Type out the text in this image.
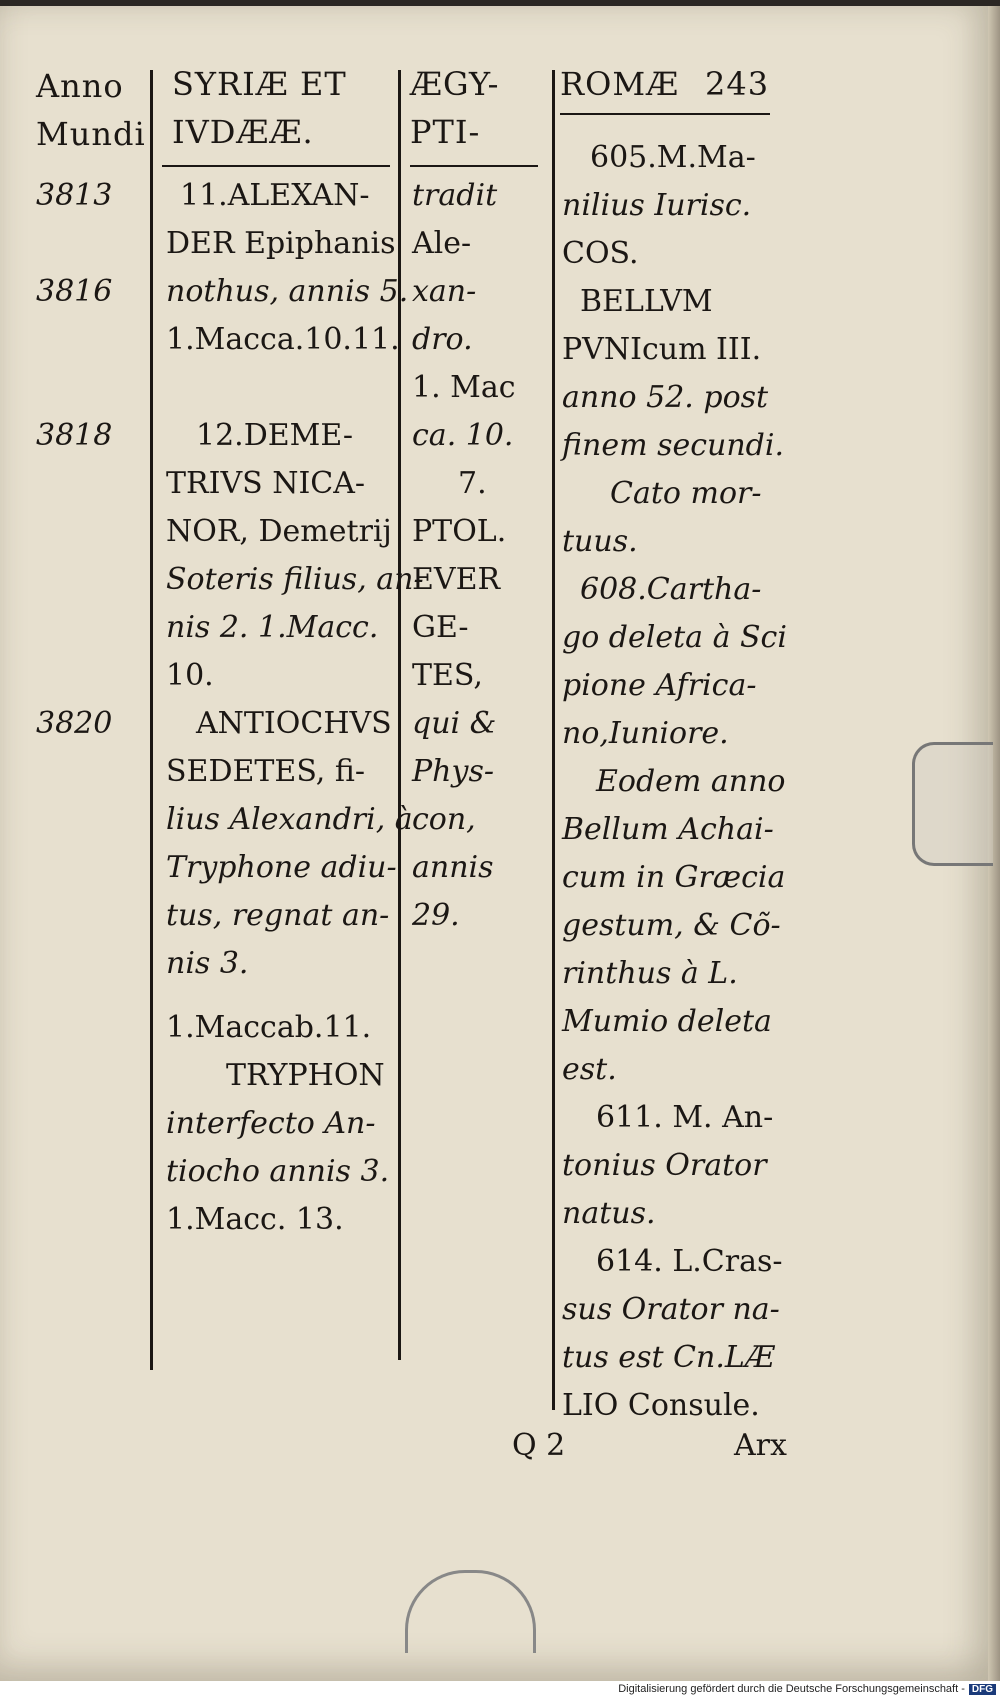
Anno
Mundi
SYRIÆ ET
IVDÆÆ.
ÆGY-
PTI-
ROMÆ 243
3813
3816
3818
3820
11.ALEXAN-
DER Epiphanis
nothus, annis 5.
1.Macca.10.11.
12.DEME-
TRIVS NICA-
NOR, Demetrij
Soteris filius, an-
nis 2. 1.Macc.
10.
ANTIOCHVS
SEDETES, fi-
lius Alexandri, à
Tryphone adiu-
tus, regnat an-
nis 3.
1.Maccab.11.
TRYPHON
interfecto An-
tiocho annis 3.
1.Macc. 13.
tradit
Ale-
xan-
dro.
1. Mac
ca. 10.
7.
PTOL.
EVER
GE-
TES,
qui &
Phys-
con,
annis
29.
605.M.Ma-
nilius Iurisc.
COS.
BELLVM
PVNIcum III.
anno 52. post
finem secundi.
Cato mor-
tuus.
608.Cartha-
go deleta à Sci
pione Africa-
no,Iuniore.
Eodem anno
Bellum Achai-
cum in Græcia
gestum, & Cõ-
rinthus à L.
Mumio deleta
est.
611. M. An-
tonius Orator
natus.
614. L.Cras-
sus Orator na-
tus est Cn.LÆ
LIO Consule.
Q 2	Arx
Digitalisierung gefördert durch die Deutsche Forschungsgemeinschaft - DFG
